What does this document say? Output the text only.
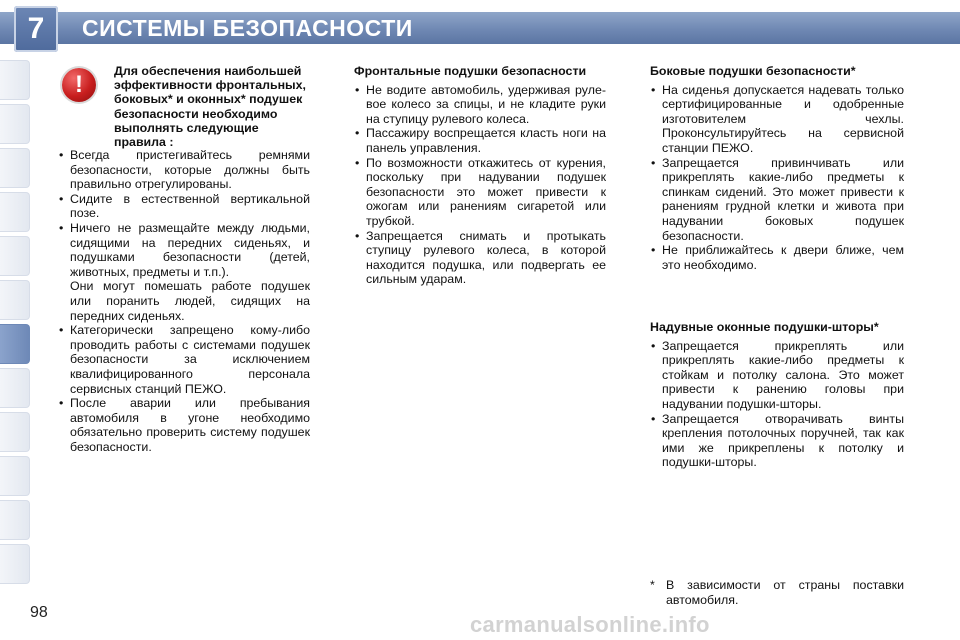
7	СИСТЕМЫ БЕЗОПАСНОСТИ
!	Для обеспечения наибольшей эффективности фронтальных, боковых* и оконных* подушек безопасности необходимо выполнять следующие правила :
• Всегда пристегивайтесь ремнями безопасности, которые должны быть правильно отрегулированы.
• Сидите в естественной вертикальной позе.
• Ничего не размещайте между людьми, сидящими на передних сиденьях, и подушками безопасности (детей, животных, предметы и т.п.).
Они могут помешать работе подушек или поранить людей, сидящих на передних сиденьях.
• Категорически запрещено кому-либо проводить работы с системами подушек безопасности за исключением квалифицированного персонала сервисных станций ПЕЖО.
• После аварии или пребывания автомобиля в угоне необходимо обязательно проверить систему подушек безопасности.
Фронтальные подушки безопасности
• Не водите автомобиль, удерживая рулевое колесо за спицы, и не кладите руки на ступицу рулевого колеса.
• Пассажиру воспрещается класть ноги на панель управления.
• По возможности откажитесь от курения, поскольку при надувании подушек безопасности это может привести к ожогам или ранениям сигаретой или трубкой.
• Запрещается снимать и протыкать ступицу рулевого колеса, в которой находится подушка, или подвергать ее сильным ударам.
Боковые подушки безопасности*
• На сиденья допускается надевать только сертифицированные и одобренные изготовителем чехлы. Проконсультируйтесь на сервисной станции ПЕЖО.
• Запрещается привинчивать или прикреплять какие-либо предметы к спинкам сидений. Это может привести к ранениям грудной клетки и живота при надувании боковых подушек безопасности.
• Не приближайтесь к двери ближе, чем это необходимо.
Надувные оконные подушки-шторы*
• Запрещается прикреплять или прикреплять какие-либо предметы к стойкам и потолку салона. Это может привести к ранению головы при надувании подушки-шторы.
• Запрещается отворачивать винты крепления потолочных поручней, так как ими же прикреплены к потолку и подушки-шторы.
* В зависимости от страны поставки автомобиля.
98	carmanualsonline.info
